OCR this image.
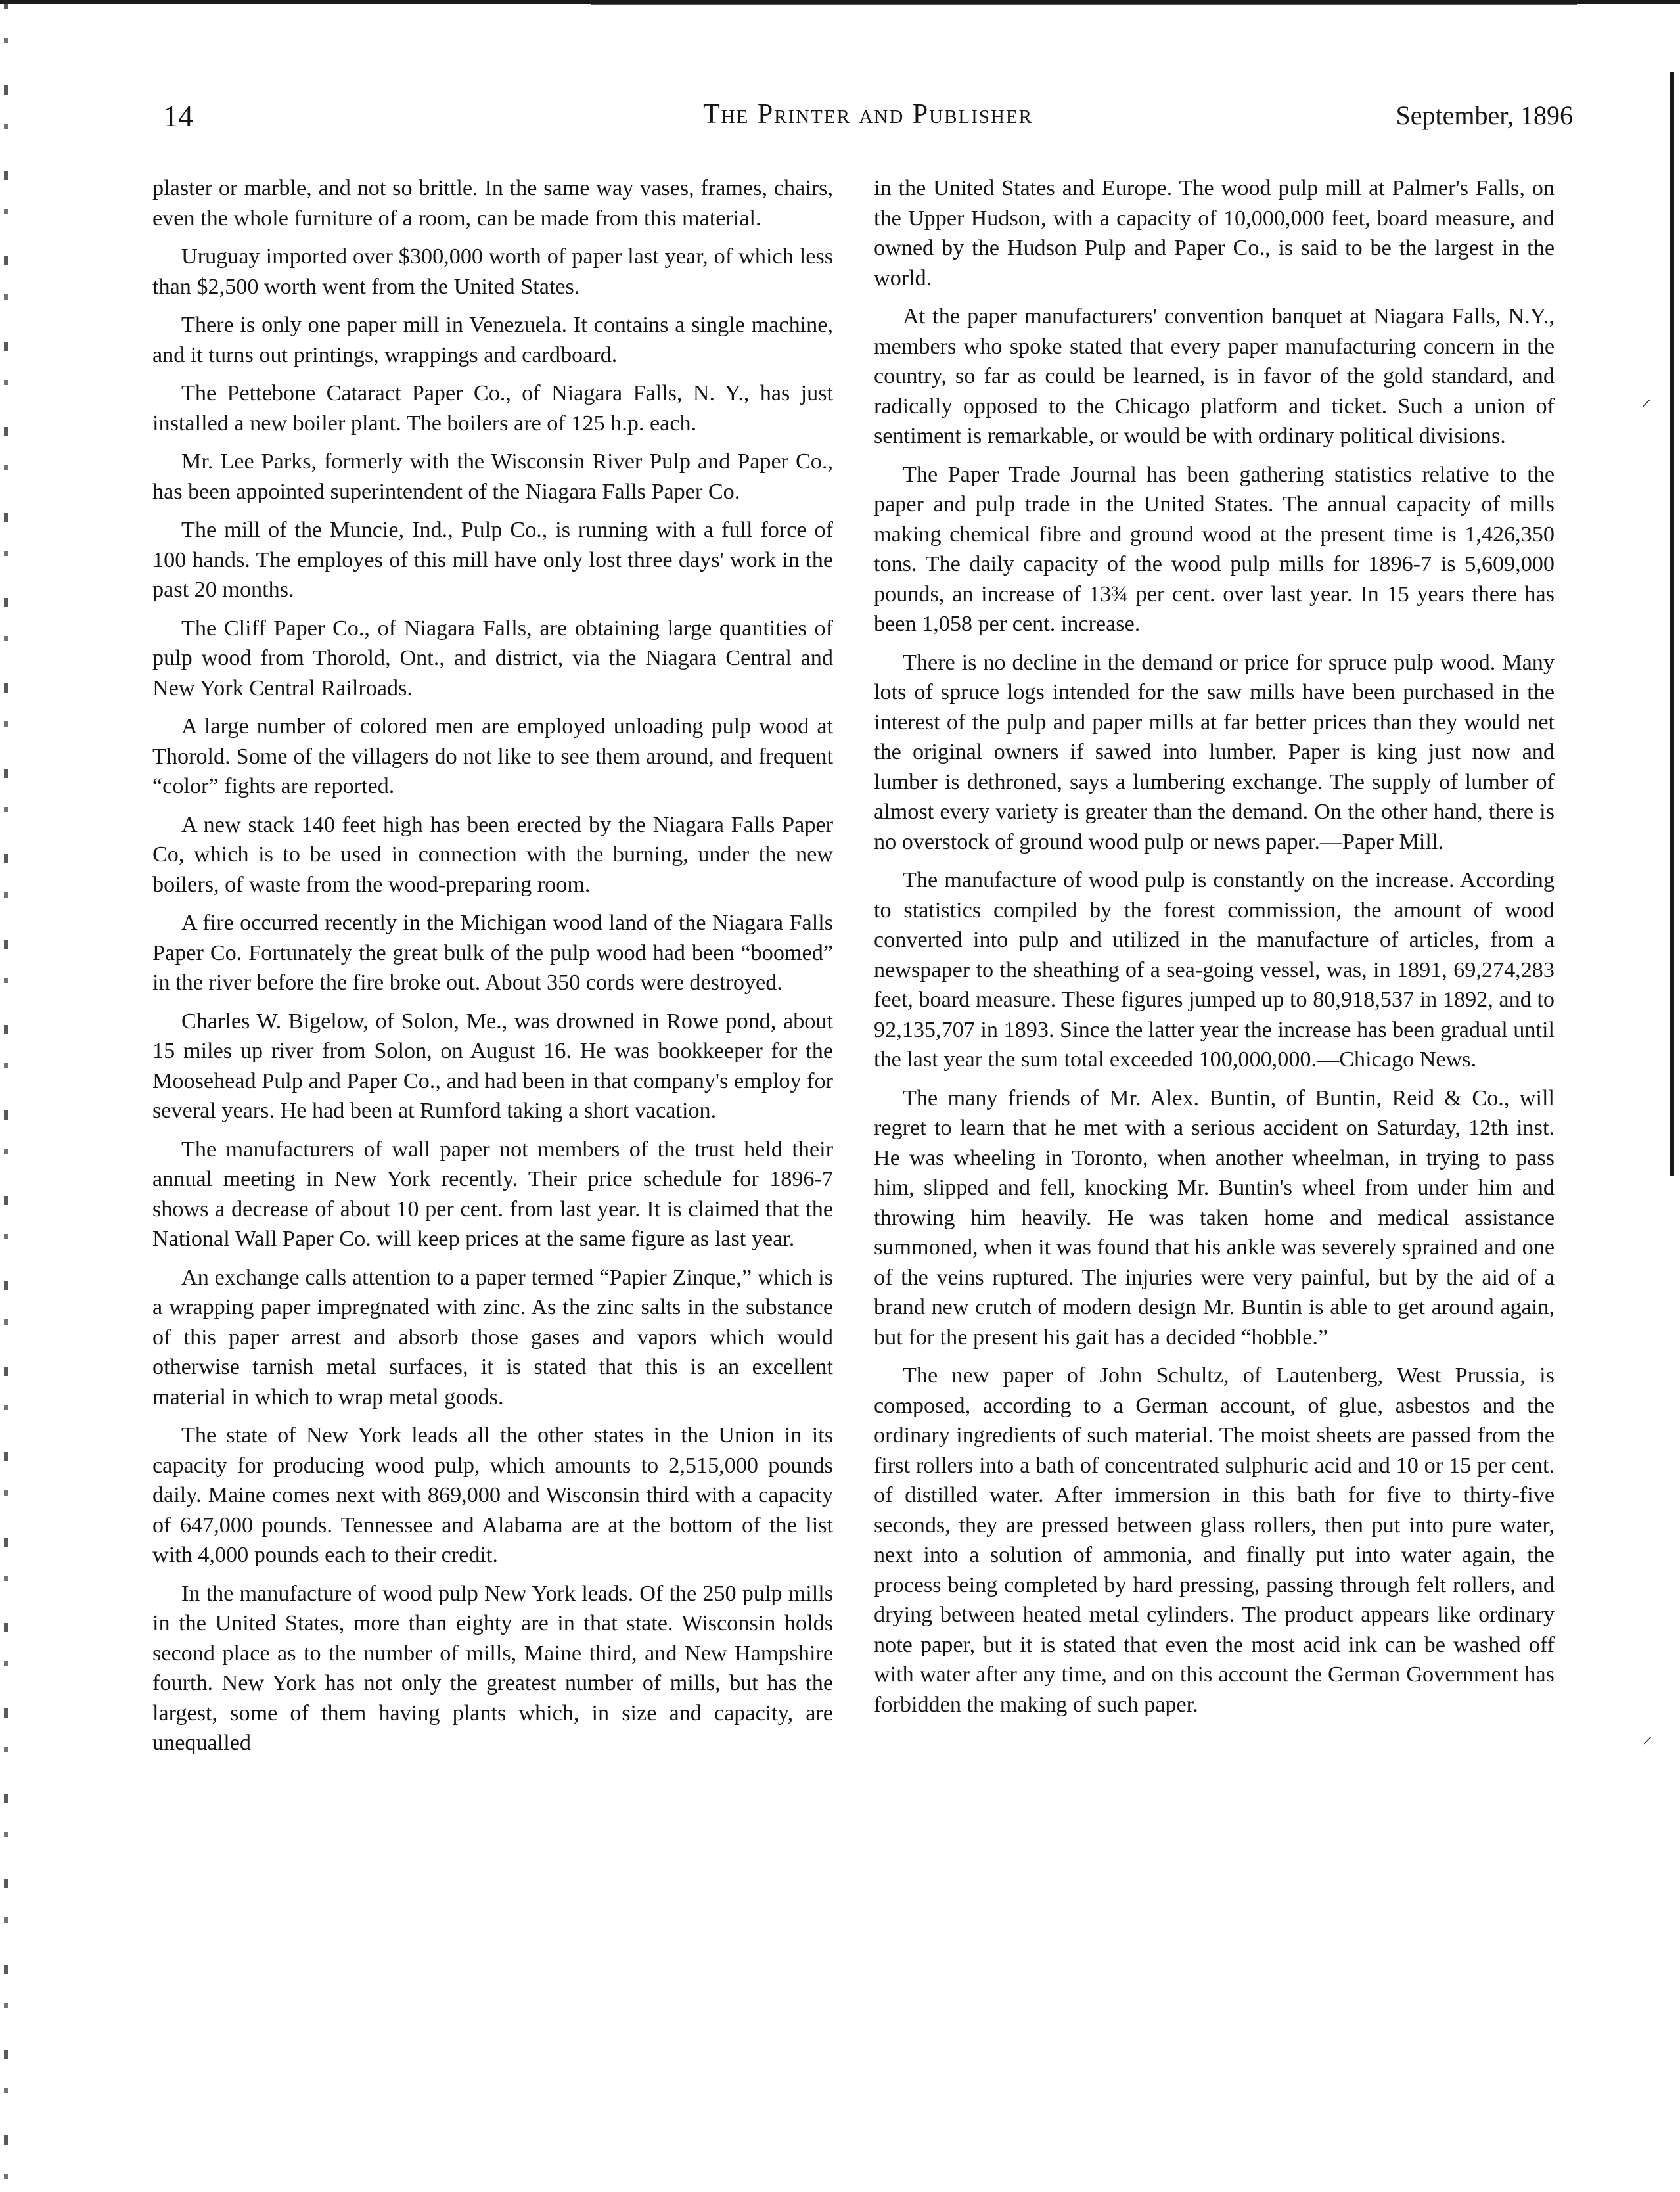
⸝
⸝
14	The Printer and Publisher	September, 1896

plaster or marble, and not so brittle. In the same way vases, frames, chairs, even the whole furniture of a room, can be made from this material.

Uruguay imported over $300,000 worth of paper last year, of which less than $2,500 worth went from the United States.

There is only one paper mill in Venezuela. It contains a single machine, and it turns out printings, wrappings and cardboard.

The Pettebone Cataract Paper Co., of Niagara Falls, N. Y., has just installed a new boiler plant. The boilers are of 125 h.p. each.

Mr. Lee Parks, formerly with the Wisconsin River Pulp and Paper Co., has been appointed superintendent of the Niagara Falls Paper Co.

The mill of the Muncie, Ind., Pulp Co., is running with a full force of 100 hands. The employes of this mill have only lost three days' work in the past 20 months.

The Cliff Paper Co., of Niagara Falls, are obtaining large quantities of pulp wood from Thorold, Ont., and district, via the Niagara Central and New York Central Railroads.

A large number of colored men are employed unloading pulp wood at Thorold. Some of the villagers do not like to see them around, and frequent “color” fights are reported.

A new stack 140 feet high has been erected by the Niagara Falls Paper Co, which is to be used in connection with the burning, under the new boilers, of waste from the wood-preparing room.

A fire occurred recently in the Michigan wood land of the Niagara Falls Paper Co. Fortunately the great bulk of the pulp wood had been “boomed” in the river before the fire broke out. About 350 cords were destroyed.

Charles W. Bigelow, of Solon, Me., was drowned in Rowe pond, about 15 miles up river from Solon, on August 16. He was bookkeeper for the Moosehead Pulp and Paper Co., and had been in that company's employ for several years. He had been at Rumford taking a short vacation.

The manufacturers of wall paper not members of the trust held their annual meeting in New York recently. Their price schedule for 1896-7 shows a decrease of about 10 per cent. from last year. It is claimed that the National Wall Paper Co. will keep prices at the same figure as last year.

An exchange calls attention to a paper termed “Papier Zinque,” which is a wrapping paper impregnated with zinc. As the zinc salts in the substance of this paper arrest and absorb those gases and vapors which would otherwise tarnish metal surfaces, it is stated that this is an excellent material in which to wrap metal goods.

The state of New York leads all the other states in the Union in its capacity for producing wood pulp, which amounts to 2,515,000 pounds daily. Maine comes next with 869,000 and Wisconsin third with a capacity of 647,000 pounds. Tennessee and Alabama are at the bottom of the list with 4,000 pounds each to their credit.

In the manufacture of wood pulp New York leads. Of the 250 pulp mills in the United States, more than eighty are in that state. Wisconsin holds second place as to the number of mills, Maine third, and New Hampshire fourth. New York has not only the greatest number of mills, but has the largest, some of them having plants which, in size and capacity, are unequalled

in the United States and Europe. The wood pulp mill at Palmer's Falls, on the Upper Hudson, with a capacity of 10,000,000 feet, board measure, and owned by the Hudson Pulp and Paper Co., is said to be the largest in the world.

At the paper manufacturers' convention banquet at Niagara Falls, N.Y., members who spoke stated that every paper manufacturing concern in the country, so far as could be learned, is in favor of the gold standard, and radically opposed to the Chicago platform and ticket. Such a union of sentiment is remarkable, or would be with ordinary political divisions.

The Paper Trade Journal has been gathering statistics relative to the paper and pulp trade in the United States. The annual capacity of mills making chemical fibre and ground wood at the present time is 1,426,350 tons. The daily capacity of the wood pulp mills for 1896-7 is 5,609,000 pounds, an increase of 13¾ per cent. over last year. In 15 years there has been 1,058 per cent. increase.

There is no decline in the demand or price for spruce pulp wood. Many lots of spruce logs intended for the saw mills have been purchased in the interest of the pulp and paper mills at far better prices than they would net the original owners if sawed into lumber. Paper is king just now and lumber is dethroned, says a lumbering exchange. The supply of lumber of almost every variety is greater than the demand. On the other hand, there is no overstock of ground wood pulp or news paper.—Paper Mill.

The manufacture of wood pulp is constantly on the increase. According to statistics compiled by the forest commission, the amount of wood converted into pulp and utilized in the manufacture of articles, from a newspaper to the sheathing of a sea-going vessel, was, in 1891, 69,274,283 feet, board measure. These figures jumped up to 80,918,537 in 1892, and to 92,135,707 in 1893. Since the latter year the increase has been gradual until the last year the sum total exceeded 100,000,000.—Chicago News.

The many friends of Mr. Alex. Buntin, of Buntin, Reid & Co., will regret to learn that he met with a serious accident on Saturday, 12th inst. He was wheeling in Toronto, when another wheelman, in trying to pass him, slipped and fell, knocking Mr. Buntin's wheel from under him and throwing him heavily. He was taken home and medical assistance summoned, when it was found that his ankle was severely sprained and one of the veins ruptured. The injuries were very painful, but by the aid of a brand new crutch of modern design Mr. Buntin is able to get around again, but for the present his gait has a decided “hobble.”

The new paper of John Schultz, of Lautenberg, West Prussia, is composed, according to a German account, of glue, asbestos and the ordinary ingredients of such material. The moist sheets are passed from the first rollers into a bath of concentrated sulphuric acid and 10 or 15 per cent. of distilled water. After immersion in this bath for five to thirty-five seconds, they are pressed between glass rollers, then put into pure water, next into a solution of ammonia, and finally put into water again, the process being completed by hard pressing, passing through felt rollers, and drying between heated metal cylinders. The product appears like ordinary note paper, but it is stated that even the most acid ink can be washed off with water after any time, and on this account the German Government has forbidden the making of such paper.
